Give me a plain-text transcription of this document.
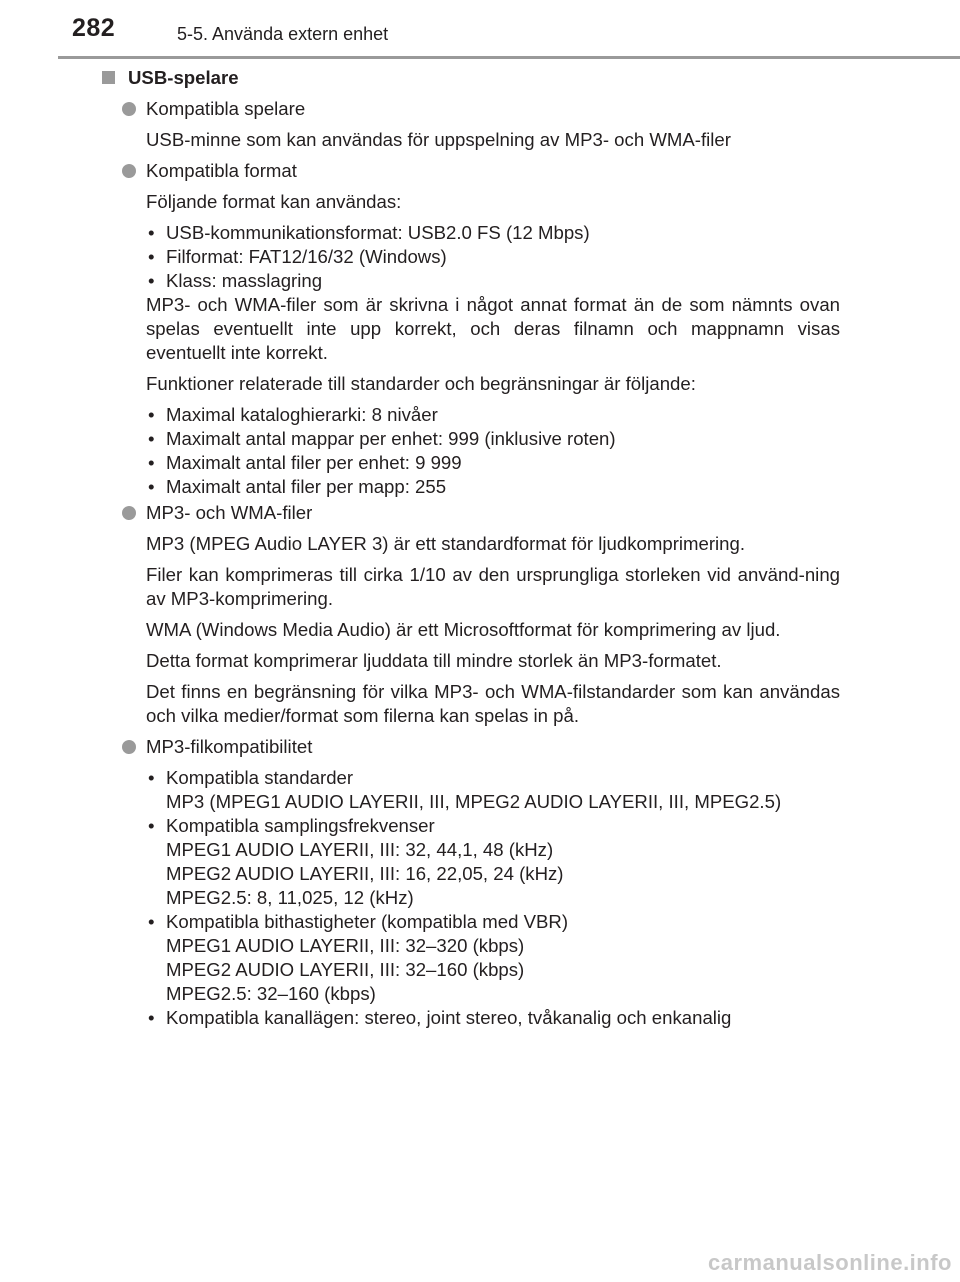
282	5-5. Använda extern enhet
USB-spelare
Kompatibla spelare
USB-minne som kan användas för uppspelning av MP3- och WMA-filer
Kompatibla format
Följande format kan användas:
• USB-kommunikationsformat: USB2.0 FS (12 Mbps)
• Filformat: FAT12/16/32 (Windows)
• Klass: masslagring
MP3- och WMA-filer som är skrivna i något annat format än de som nämnts ovan spelas eventuellt inte upp korrekt, och deras filnamn och mappnamn visas eventuellt inte korrekt.
Funktioner relaterade till standarder och begränsningar är följande:
• Maximal kataloghierarki: 8 nivåer
• Maximalt antal mappar per enhet: 999 (inklusive roten)
• Maximalt antal filer per enhet: 9 999
• Maximalt antal filer per mapp: 255
MP3- och WMA-filer
MP3 (MPEG Audio LAYER 3) är ett standardformat för ljudkomprimering.
Filer kan komprimeras till cirka 1/10 av den ursprungliga storleken vid använd-ning av MP3-komprimering.
WMA (Windows Media Audio) är ett Microsoftformat för komprimering av ljud.
Detta format komprimerar ljuddata till mindre storlek än MP3-formatet.
Det finns en begränsning för vilka MP3- och WMA-filstandarder som kan användas och vilka medier/format som filerna kan spelas in på.
MP3-filkompatibilitet
• Kompatibla standarder
MP3 (MPEG1 AUDIO LAYERII, III, MPEG2 AUDIO LAYERII, III, MPEG2.5)
• Kompatibla samplingsfrekvenser
MPEG1 AUDIO LAYERII, III: 32, 44,1, 48 (kHz)
MPEG2 AUDIO LAYERII, III: 16, 22,05, 24 (kHz)
MPEG2.5: 8, 11,025, 12 (kHz)
• Kompatibla bithastigheter (kompatibla med VBR)
MPEG1 AUDIO LAYERII, III: 32–320 (kbps)
MPEG2 AUDIO LAYERII, III: 32–160 (kbps)
MPEG2.5: 32–160 (kbps)
• Kompatibla kanallägen: stereo, joint stereo, tvåkanalig och enkanalig
carmanualsonline.info
